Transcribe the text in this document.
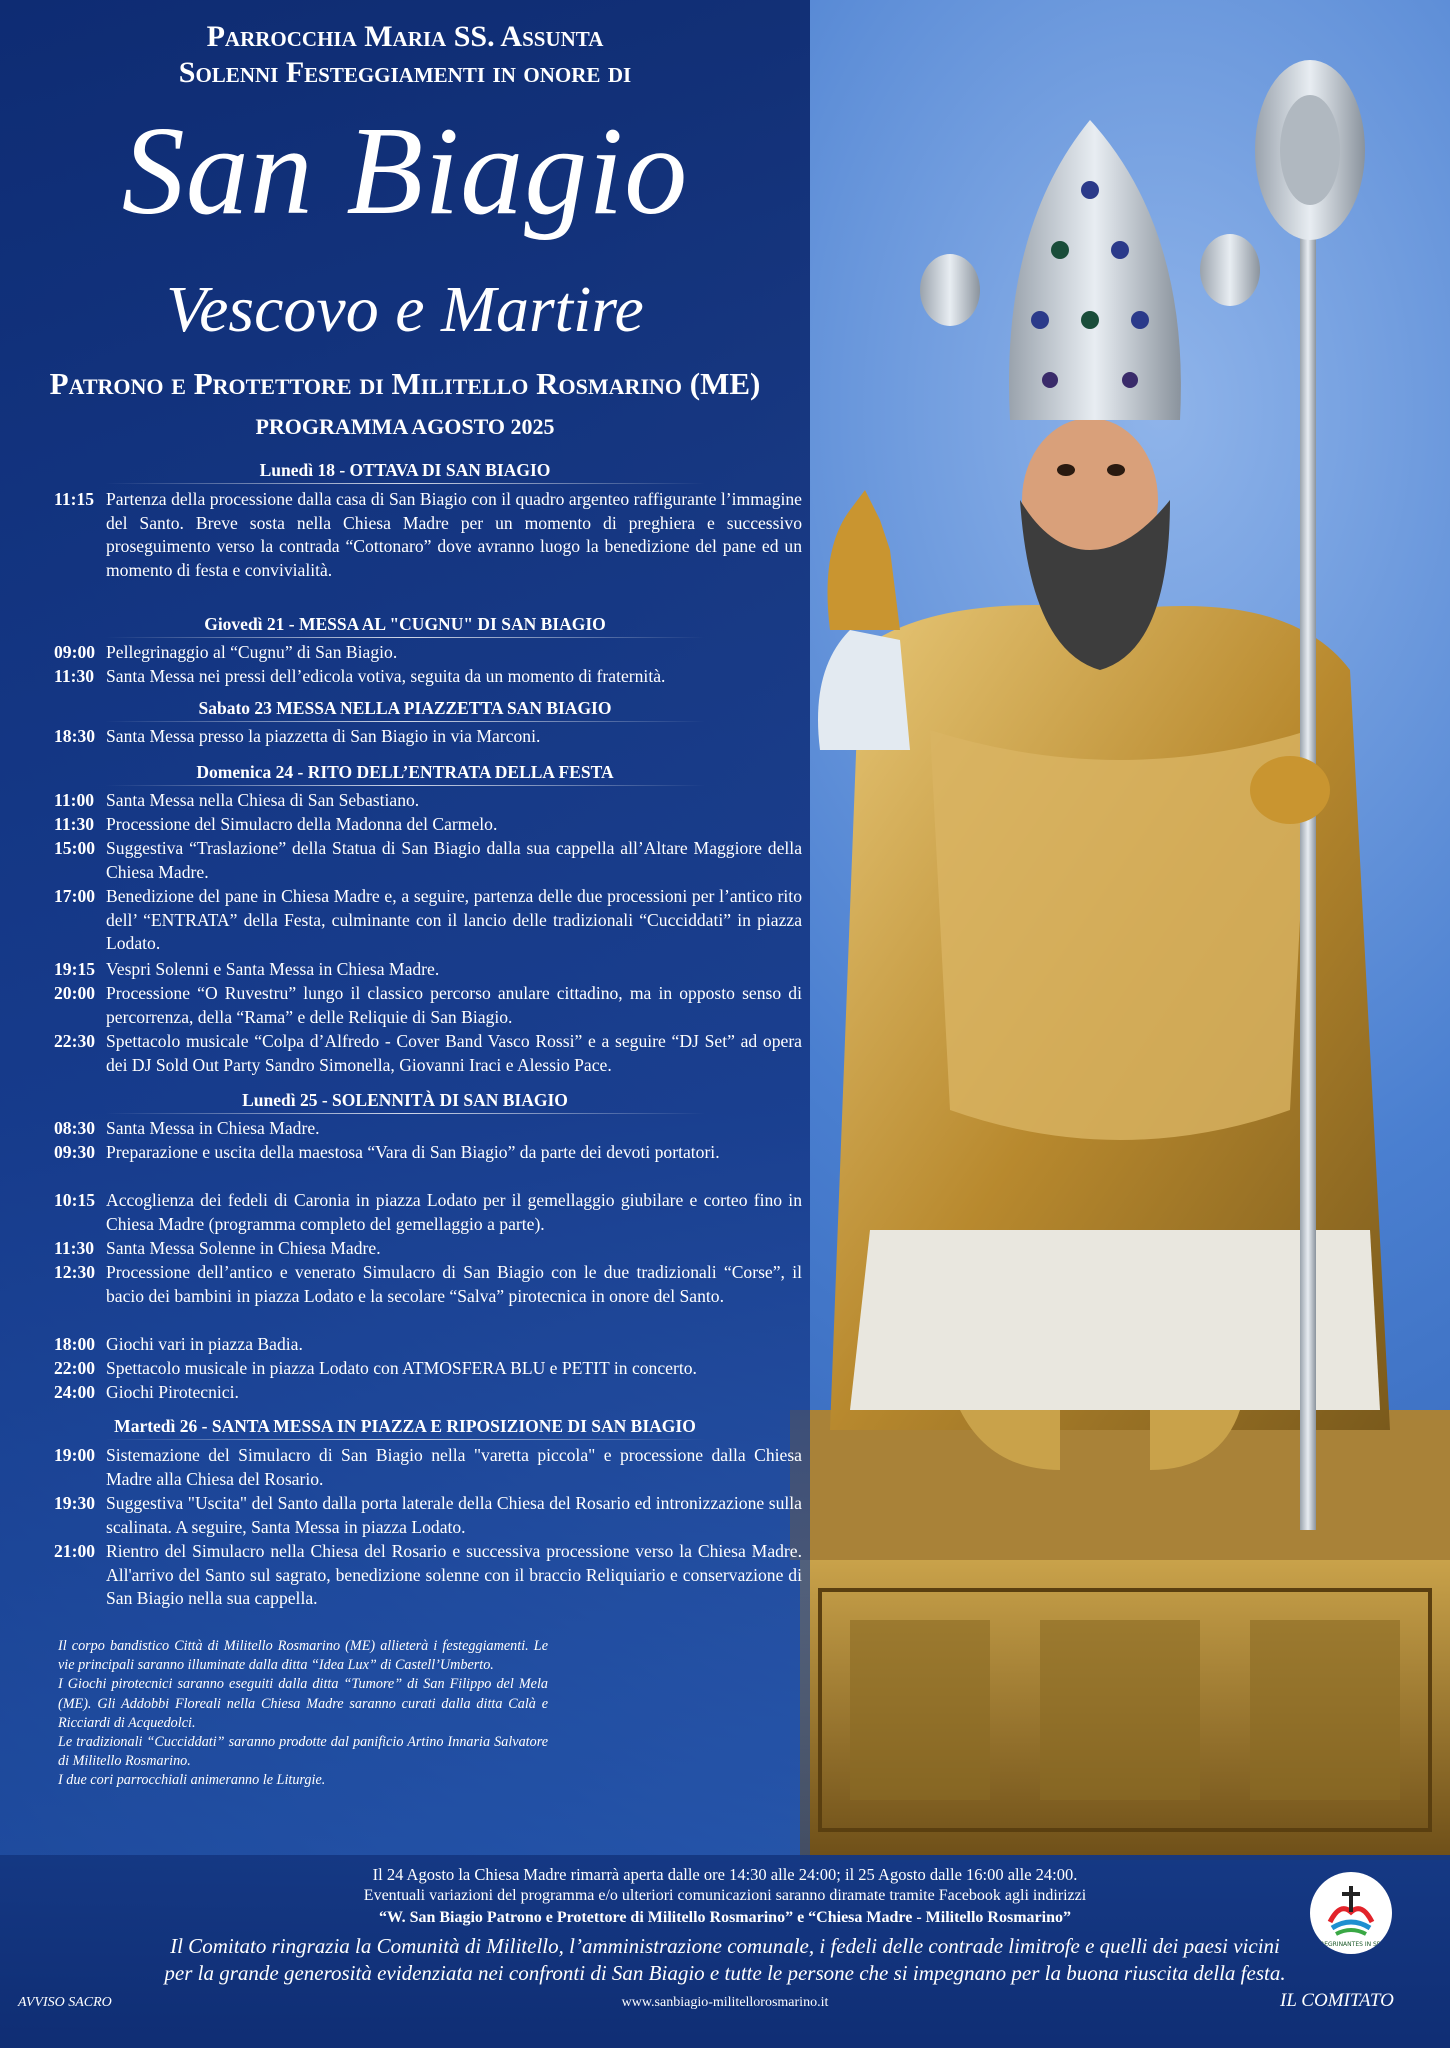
Parrocchia Maria SS. Assunta
Solenni Festeggiamenti in onore di
San Biagio
Vescovo e Martire
Patrono e Protettore di Militello Rosmarino (ME)
PROGRAMMA AGOSTO 2025
Lunedì 18 - OTTAVA DI SAN BIAGIO
11:15 Partenza della processione dalla casa di San Biagio con il quadro argenteo raffigurante l’immagine del Santo. Breve sosta nella Chiesa Madre per un momento di preghiera e successivo proseguimento verso la contrada “Cottonaro” dove avranno luogo la benedizione del pane ed un momento di festa e convivialità.
Giovedì 21 - MESSA AL "CUGNU" DI SAN BIAGIO
09:00 Pellegrinaggio al “Cugnu” di San Biagio.
11:30 Santa Messa nei pressi dell’edicola votiva, seguita da un momento di fraternità.
Sabato 23 MESSA NELLA PIAZZETTA SAN BIAGIO
18:30 Santa Messa presso la piazzetta di San Biagio in via Marconi.
Domenica 24 - RITO DELL’ENTRATA DELLA FESTA
11:00 Santa Messa nella Chiesa di San Sebastiano.
11:30 Processione del Simulacro della Madonna del Carmelo.
15:00 Suggestiva “Traslazione” della Statua di San Biagio dalla sua cappella all’Altare Maggiore della Chiesa Madre.
17:00 Benedizione del pane in Chiesa Madre e, a seguire, partenza delle due processioni per l’antico rito dell’ “ENTRATA” della Festa, culminante con il lancio delle tradizionali “Cucciddati” in piazza Lodato.
19:15 Vespri Solenni e Santa Messa in Chiesa Madre.
20:00 Processione “O Ruvestru” lungo il classico percorso anulare cittadino, ma in opposto senso di percorrenza, della “Rama” e delle Reliquie di San Biagio.
22:30 Spettacolo musicale “Colpa d’Alfredo - Cover Band Vasco Rossi” e a seguire “DJ Set” ad opera dei DJ Sold Out Party Sandro Simonella, Giovanni Iraci e Alessio Pace.
Lunedì 25 - SOLENNITÀ DI SAN BIAGIO
08:30 Santa Messa in Chiesa Madre.
09:30 Preparazione e uscita della maestosa “Vara di San Biagio” da parte dei devoti portatori.
10:15 Accoglienza dei fedeli di Caronia in piazza Lodato per il gemellaggio giubilare e corteo fino in Chiesa Madre (programma completo del gemellaggio a parte).
11:30 Santa Messa Solenne in Chiesa Madre.
12:30 Processione dell’antico e venerato Simulacro di San Biagio con le due tradizionali “Corse”, il bacio dei bambini in piazza Lodato e la secolare “Salva” pirotecnica in onore del Santo.
18:00 Giochi vari in piazza Badia.
22:00 Spettacolo musicale in piazza Lodato con ATMOSFERA BLU e PETIT in concerto.
24:00 Giochi Pirotecnici.
Martedì 26 - SANTA MESSA IN PIAZZA E RIPOSIZIONE DI SAN BIAGIO
19:00 Sistemazione del Simulacro di San Biagio nella "varetta piccola" e processione dalla Chiesa Madre alla Chiesa del Rosario.
19:30 Suggestiva "Uscita" del Santo dalla porta laterale della Chiesa del Rosario ed intronizzazione sulla scalinata. A seguire, Santa Messa in piazza Lodato.
21:00 Rientro del Simulacro nella Chiesa del Rosario e successiva processione verso la Chiesa Madre. All'arrivo del Santo sul sagrato, benedizione solenne con il braccio Reliquiario e conservazione di San Biagio nella sua cappella.

Il corpo bandistico Città di Militello Rosmarino (ME) allieterà i festeggiamenti. Le vie principali saranno illuminate dalla ditta “Idea Lux” di Castell’Umberto.

I Giochi pirotecnici saranno eseguiti dalla ditta “Tumore” di San Filippo del Mela (ME). Gli Addobbi Floreali nella Chiesa Madre saranno curati dalla ditta Calà e Ricciardi di Acquedolci.

Le tradizionali “Cucciddati” saranno prodotte dal panificio Artino Innaria Salvatore di Militello Rosmarino.

I due cori parrocchiali animeranno le Liturgie.

Il 24 Agosto la Chiesa Madre rimarrà aperta dalle ore 14:30 alle 24:00; il 25 Agosto dalle 16:00 alle 24:00.
Eventuali variazioni del programma e/o ulteriori comunicazioni saranno diramate tramite Facebook agli indirizzi
“W. San Biagio Patrono e Protettore di Militello Rosmarino” e “Chiesa Madre - Militello Rosmarino”
Il Comitato ringrazia la Comunità di Militello, l’amministrazione comunale, i fedeli delle contrade limitrofe e quelli dei paesi vicini
per la grande generosità evidenziata nei confronti di San Biagio e tutte le persone che si impegnano per la buona riuscita della festa.
www.sanbiagio-militellorosmarino.it
PEREGRINANTES IN SPEM
AVVISO SACRO	IL COMITATO
